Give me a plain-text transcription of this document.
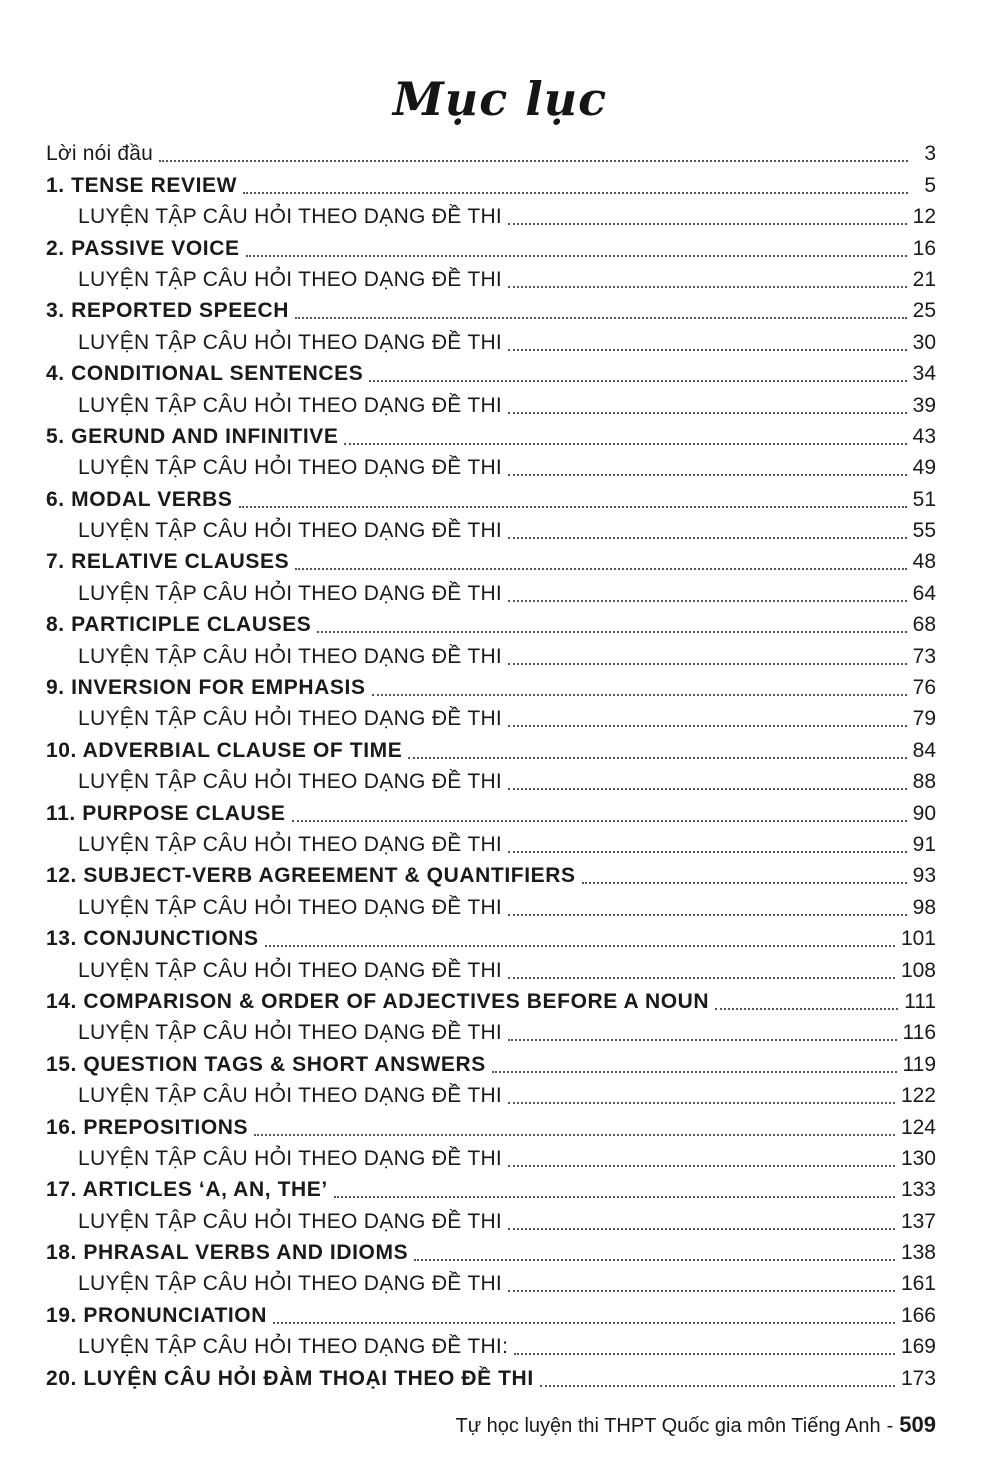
Mục lục
Lời nói đầu	3
1. TENSE REVIEW	5
LUYỆN TẬP CÂU HỎI THEO DẠNG ĐỀ THI	12
2. PASSIVE VOICE	16
LUYỆN TẬP CÂU HỎI THEO DẠNG ĐỀ THI	21
3. REPORTED SPEECH	25
LUYỆN TẬP CÂU HỎI THEO DẠNG ĐỀ THI	30
4. CONDITIONAL SENTENCES	34
LUYỆN TẬP CÂU HỎI THEO DẠNG ĐỀ THI	39
5. GERUND AND INFINITIVE	43
LUYỆN TẬP CÂU HỎI THEO DẠNG ĐỀ THI	49
6. MODAL VERBS	51
LUYỆN TẬP CÂU HỎI THEO DẠNG ĐỀ THI	55
7. RELATIVE CLAUSES	48
LUYỆN TẬP CÂU HỎI THEO DẠNG ĐỀ THI	64
8. PARTICIPLE CLAUSES	68
LUYỆN TẬP CÂU HỎI THEO DẠNG ĐỀ THI	73
9. INVERSION FOR EMPHASIS	76
LUYỆN TẬP CÂU HỎI THEO DẠNG ĐỀ THI	79
10. ADVERBIAL CLAUSE OF TIME	84
LUYỆN TẬP CÂU HỎI THEO DẠNG ĐỀ THI	88
11. PURPOSE CLAUSE	90
LUYỆN TẬP CÂU HỎI THEO DẠNG ĐỀ THI	91
12. SUBJECT-VERB AGREEMENT & QUANTIFIERS	93
LUYỆN TẬP CÂU HỎI THEO DẠNG ĐỀ THI	98
13. CONJUNCTIONS	101
LUYỆN TẬP CÂU HỎI THEO DẠNG ĐỀ THI	108
14. COMPARISON & ORDER OF ADJECTIVES BEFORE A NOUN	111
LUYỆN TẬP CÂU HỎI THEO DẠNG ĐỀ THI	116
15. QUESTION TAGS & SHORT ANSWERS	119
LUYỆN TẬP CÂU HỎI THEO DẠNG ĐỀ THI	122
16. PREPOSITIONS	124
LUYỆN TẬP CÂU HỎI THEO DẠNG ĐỀ THI	130
17. ARTICLES ‘A, AN, THE’	133
LUYỆN TẬP CÂU HỎI THEO DẠNG ĐỀ THI	137
18. PHRASAL VERBS AND IDIOMS	138
LUYỆN TẬP CÂU HỎI THEO DẠNG ĐỀ THI	161
19. PRONUNCIATION	166
LUYỆN TẬP CÂU HỎI THEO DẠNG ĐỀ THI:	169
20. LUYỆN CÂU HỎI ĐÀM THOẠI THEO ĐỀ THI	173
Tự học luyện thi THPT Quốc gia môn Tiếng Anh - 509
